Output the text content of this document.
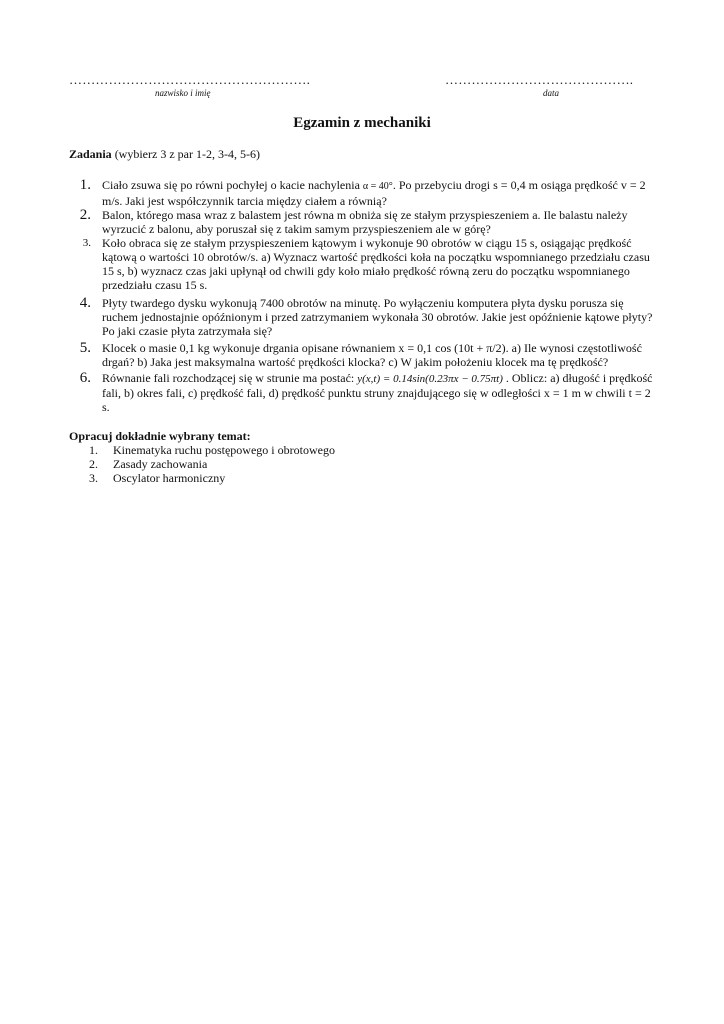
……………………………………………….
nazwisko i imię
…………………………………….
data
Egzamin z mechaniki
Zadania (wybierz 3 z par 1-2, 3-4, 5-6)
1. Ciało zsuwa się po równi pochyłej o kacie nachylenia α = 40°. Po przebyciu drogi s = 0,4 m osiąga prędkość v = 2 m/s. Jaki jest współczynnik tarcia między ciałem a równią?
2. Balon, którego masa wraz z balastem jest równa m obniża się ze stałym przyspieszeniem a. Ile balastu należy wyrzucić z balonu, aby poruszał się z takim samym przyspieszeniem ale w górę?
3. Koło obraca się ze stałym przyspieszeniem kątowym i wykonuje 90 obrotów w ciągu 15 s, osiągając prędkość kątową o wartości 10 obrotów/s. a) Wyznacz wartość prędkości koła na początku wspomnianego przedziału czasu 15 s, b) wyznacz czas jaki upłynął od chwili gdy koło miało prędkość równą zeru do początku wspomnianego przedziału czasu 15 s.
4. Płyty twardego dysku wykonują 7400 obrotów na minutę. Po wyłączeniu komputera płyta dysku porusza się ruchem jednostajnie opóźnionym i przed zatrzymaniem wykonała 30 obrotów. Jakie jest opóźnienie kątowe płyty? Po jaki czasie płyta zatrzymała się?
5. Klocek o masie 0,1 kg wykonuje drgania opisane równaniem x = 0,1 cos (10t + π/2). a) Ile wynosi częstotliwość drgań? b) Jaka jest maksymalna wartość prędkości klocka? c) W jakim położeniu klocek ma tę prędkość?
6. Równanie fali rozchodzącej się w strunie ma postać: y(x,t) = 0.14sin(0.23πx − 0.75πt) . Oblicz: a) długość i prędkość fali, b) okres fali, c) prędkość fali, d) prędkość punktu struny znajdującego się w odległości x = 1 m w chwili t = 2 s.
Opracuj dokładnie wybrany temat:
1. Kinematyka ruchu postępowego i obrotowego
2. Zasady zachowania
3. Oscylator harmoniczny
